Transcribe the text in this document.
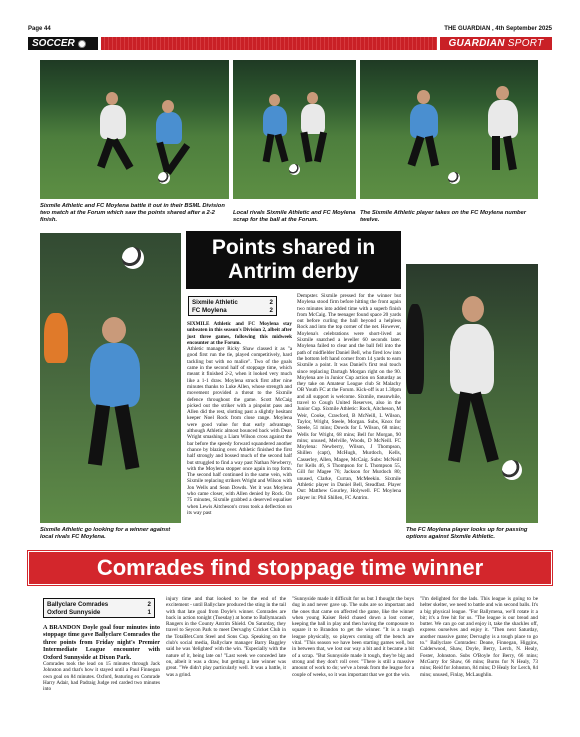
Page 44	THE GUARDIAN , 4th September 2025
SOCCER	GUARDIAN SPORT
Sixmile Athletic and FC Moylena battle it out in their BSML Division two match at the Forum which saw the points shared after a 2-2 finish.
Local rivals Sixmile Athletic and FC Moylena scrap for the ball at the Forum.
The Sixmile Athletic player takes on the FC Moylena number twelve.
Sixmile Athletic go looking for a winner against local rivals FC Moylena.
The FC Moylena player looks up for passing options against Sixmile Athletic.
Points shared in Antrim derby
Sixmile Athletic	2
FC Moylena	2

SIXMILE Athletic and FC Moylena stay unbeaten in this season's Division 2, albeit after just three games, following this midweek encounter at the Forum.

Athletic manager Ricky Shaw classed it as "a good first run the tie, played competitively, hard tackling but with no malice". Two of the goals came in the second half of stoppage time, which meant it finished 2-2, when it looked very much like a 1-1 draw. Moylena struck first after nine minutes thanks to Luke Allen, whose strength and movement provided a threat to the Sixmile defence throughout the game. Scott McCaig picked out the striker with a pinpoint pass and Allen did the rest, slotting past a slightly hesitant keeper Noel Rock from close range. Moylena were good value for that early advantage, although Athletic almost bounced back with Dean Wright smashing a Liam Wilson cross against the bar before the speedy forward squandered another chance by blazing over. Athletic finished the first half strongly and bossed much of the second half but struggled to find a way past Nathan Newberry, with the Moylena stopper once again in top form. The second half continued in the same vein, with Sixmile replacing strikers Wright and Wilson with Jon Wells and Sean Dowds. Yet it was Moylena who came closer, with Allen denied by Rock. On 75 minutes, Sixmile grabbed a deserved equaliser when Lewis Aitcheson's cross took a deflection on its way past

Dempster. Sixmile pressed for the winner but Moylena stood firm before hitting the front again two minutes into added time with a superb finish from McCaig. The teenager found space 20 yards out before curling the ball beyond a helpless Rock and into the top corner of the net. However, Moylena's celebrations were short-lived as Sixmile snatched a leveller 60 seconds later. Moylena failed to clear and the ball fell into the path of midfielder Daniel Bell, who fired low into the bottom left hand corner from 14 yards to earn Sixmile a point. It was Daniel's first real touch since replacing Darragh Morgan right on the 90. Moylena are in Junior Cup action on Saturday as they take on Amateur League club St Malachy OB Youth FC at the Forum. Kick-off is at 1.30pm and all support is welcome. Sixmile, meanwhile, travel to Cough United Reserves, also in the Junior Cup. Sixmile Athletic: Rock, Aitcheson, M Weir, Cooke, Crawford, B McNeill, L Wilson, Taylor, Wright, Steele, Morgan. Subs, Knox for Steele, 51 mins; Dowds for L Wilson, 68 mins; Wells for Wright, 68 mins; Bell for Morgan, 90 mins; unused, Melville, Woods, D McNeill. FC Moylena: Newberry, Wilson, J Thompson, Shillen (capt), McHugh, Murdoch, Kells, Casserley, Allen, Magee, McCaig. Subs: McNeill for Kells 46, S Thompson for L Thompson 55, Gill for Magee 76; Jackson for Murdoch 80; unused, Clarke, Curran, McMeekin. Sixmile Athletic player in Daniel Bell, Steadfast. Player Out: Matthew Gourley, Holywell. FC Moylena player in: Phil Shillen, FC Antrim.

Comrades find stoppage time winner
Ballyclare Comrades	2
Oxford Sunnyside	1

A BRANDON Doyle goal four minutes into stoppage time gave Ballyclare Comrades the three points from Friday night's Premier Intermediate League encounter with Oxford Sunnyside at Dixon Park.

Comrades took the lead on 15 minutes through Jack Johnston and that's how it stayed until a Paul Finnegan own goal on 84 minutes. Oxford, featuring ex Comrade Harry Adair, had Padraig Judge red carded two minutes into

injury time and that looked to be the end of the excitement - until Ballyclare produced the sting in the tail with that late goal from Doyle's winner. Comrades are back in action tonight (Tuesday) at home to Ballymacash Rangers in the County Antrim Shield. On Saturday, they travel to Seycon Park to meet Dervaghy Cricket Club in the TotalBet.Com Steel and Sons Cup. Speaking on the club's social media, Ballyclare manager Barry Baggley said he was 'delighted' with the win. "Especially with the nature of it, being late on! "Last week we conceded late on, albeit it was a draw, but getting a late winner was great. "We didn't play particularly well. It was a battle, it was a grind.

"Sunnyside made it difficult for us but I thought the boys dug in and never gave up. The subs are so important and the ones that came on affected the game, like the winner when young Kaiser Reid chased down a lost corner, keeping the ball in play and then having the composure to square it to Brandon to get the winner. "It is a tough league physically, so players coming off the bench are vital. "This season we have been starting games well, but in between that, we lost our way a bit and it became a bit of a scrap. "But Sunnyside made it tough, they're big and strong and they don't roll over. "There is still a massive amount of work to do; we've a break from the league for a couple of weeks, so it was important that we got the win.

"I'm delighted for the lads. This league is going to be helter skelter, we need to battle and win second balls. It's a big physical league. "For Ballymena, we'll rotate it a bit; it's a free hit for us. "The league is our bread and butter. We can go out and enjoy it, take the shackles off, express ourselves and enjoy it. "Then next Saturday, another massive game; Dervaghy is a tough place to go to." Ballyclare Comrades: Deane, Finnegan, Higgins, Calderwood, Shaw, Doyle, Berry, Lerch, N. Healy, Foster, Johnston. Subs O'Boyle for Berry, 66 mins; McGarry for Shaw, 66 mins; Burns for N Healy, 73 mins; Reid for Johnston, 84 mins; D Healy for Lerch, 84 mins; unused, Finlay, McLaughlin.
